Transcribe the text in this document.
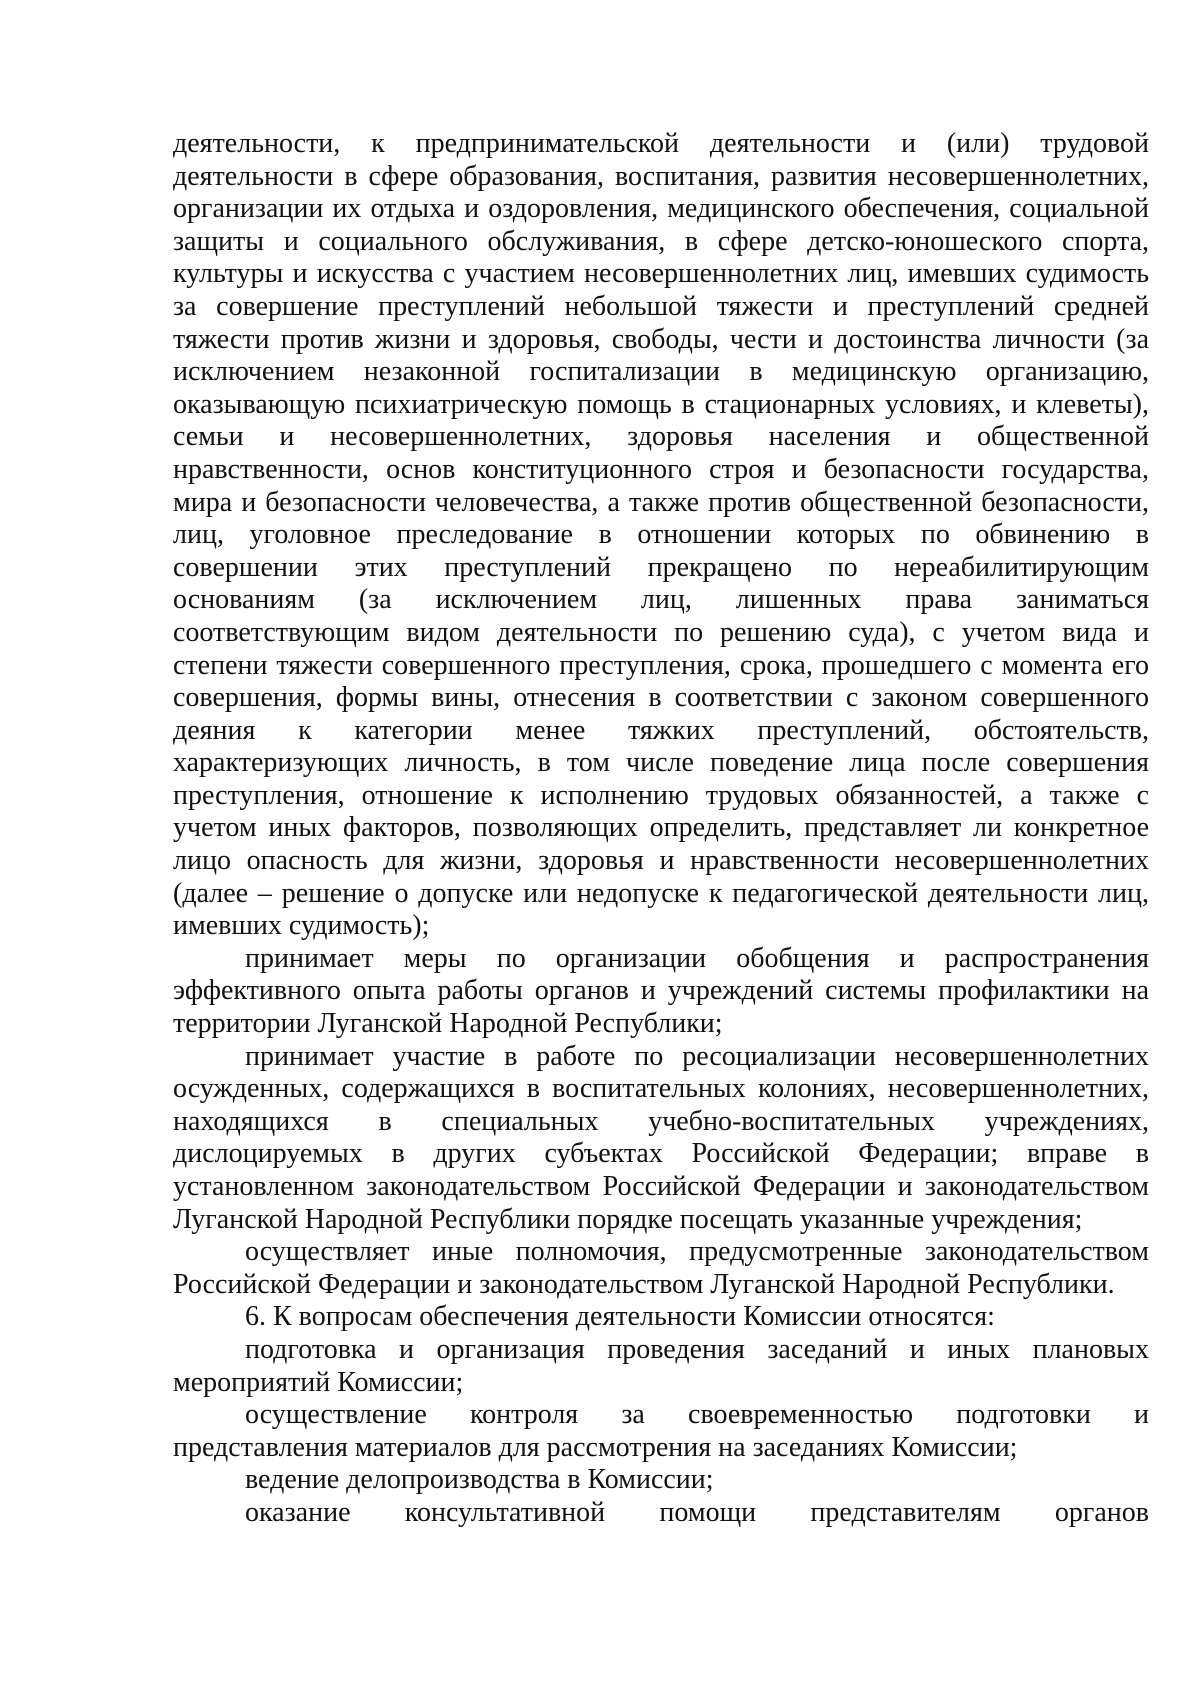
деятельности, к предпринимательской деятельности и (или) трудовой деятельности в сфере образования, воспитания, развития несовершеннолетних, организации их отдыха и оздоровления, медицинского обеспечения, социальной защиты и социального обслуживания, в сфере детско-юношеского спорта, культуры и искусства с участием несовершеннолетних лиц, имевших судимость за совершение преступлений небольшой тяжести и преступлений средней тяжести против жизни и здоровья, свободы, чести и достоинства личности (за исключением незаконной госпитализации в медицинскую организацию, оказывающую психиатрическую помощь в стационарных условиях, и клеветы), семьи и несовершеннолетних, здоровья населения и общественной нравственности, основ конституционного строя и безопасности государства, мира и безопасности человечества, а также против общественной безопасности, лиц, уголовное преследование в отношении которых по обвинению в совершении этих преступлений прекращено по нереабилитирующим основаниям (за исключением лиц, лишенных права заниматься соответствующим видом деятельности по решению суда), с учетом вида и степени тяжести совершенного преступления, срока, прошедшего с момента его совершения, формы вины, отнесения в соответствии с законом совершенного деяния к категории менее тяжких преступлений, обстоятельств, характеризующих личность, в том числе поведение лица после совершения преступления, отношение к исполнению трудовых обязанностей, а также с учетом иных факторов, позволяющих определить, представляет ли конкретное лицо опасность для жизни, здоровья и нравственности несовершеннолетних (далее – решение о допуске или недопуске к педагогической деятельности лиц, имевших судимость);

принимает меры по организации обобщения и распространения эффективного опыта работы органов и учреждений системы профилактики на территории Луганской Народной Республики;

принимает участие в работе по ресоциализации несовершеннолетних осужденных, содержащихся в воспитательных колониях, несовершеннолетних, находящихся в специальных учебно-воспитательных учреждениях, дислоцируемых в других субъектах Российской Федерации; вправе в установленном законодательством Российской Федерации и законодательством Луганской Народной Республики порядке посещать указанные учреждения;

осуществляет иные полномочия, предусмотренные законодательством Российской Федерации и законодательством Луганской Народной Республики.

6. К вопросам обеспечения деятельности Комиссии относятся:

подготовка и организация проведения заседаний и иных плановых мероприятий Комиссии;

осуществление контроля за своевременностью подготовки и представления материалов для рассмотрения на заседаниях Комиссии;

ведение делопроизводства в Комиссии;

оказание консультативной помощи представителям органов
